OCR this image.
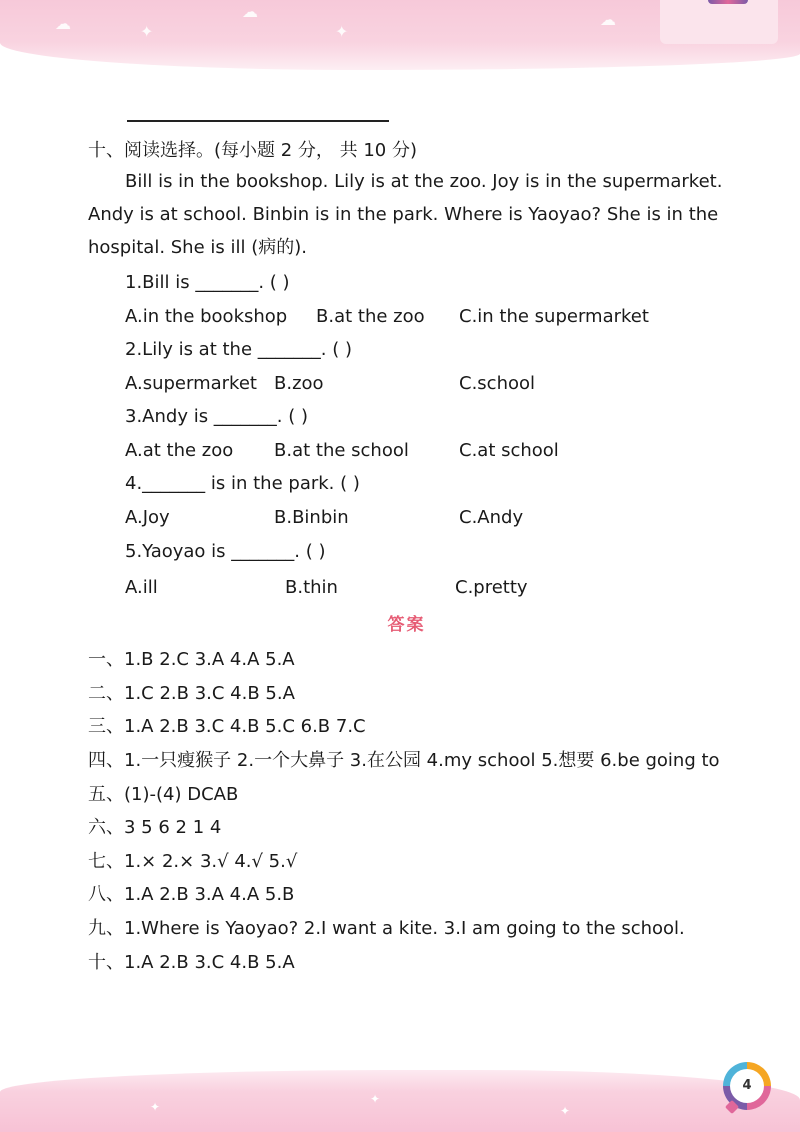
☁	✦
☁
✦
☁
十、阅读选择。(每小题 2 分， 共 10 分)
Bill is in the bookshop. Lily is at the zoo. Joy is in the supermarket.
Andy is at school. Binbin is in the park. Where is Yaoyao? She is in the
hospital. She is ill (病的).
1.Bill is _______. ( )
A.in the bookshop B.at the zoo C.in the supermarket
2.Lily is at the _______. ( )
A.supermarket B.zoo	C.school
3.Andy is _______. ( )
A.at the zoo B.at the school	C.at school
4._______ is in the park. ( )
A.Joy	B.Binbin	C.Andy
5.Yaoyao is _______. ( )
A.ill	B.thin	C.pretty
答案
一、1.B 2.C 3.A 4.A 5.A
二、1.C 2.B 3.C 4.B 5.A
三、1.A 2.B 3.C 4.B 5.C 6.B 7.C
四、1.一只瘦猴子 2.一个大鼻子 3.在公园 4.my school 5.想要 6.be going to
五、(1)-(4) DCAB
六、3 5 6 2 1 4
七、1.× 2.× 3.√ 4.√ 5.√
八、1.A 2.B 3.A 4.A 5.B
九、1.Where is Yaoyao? 2.I want a kite. 3.I am going to the school.
十、1.A 2.B 3.C 4.B 5.A
✦
✦
✦
4
